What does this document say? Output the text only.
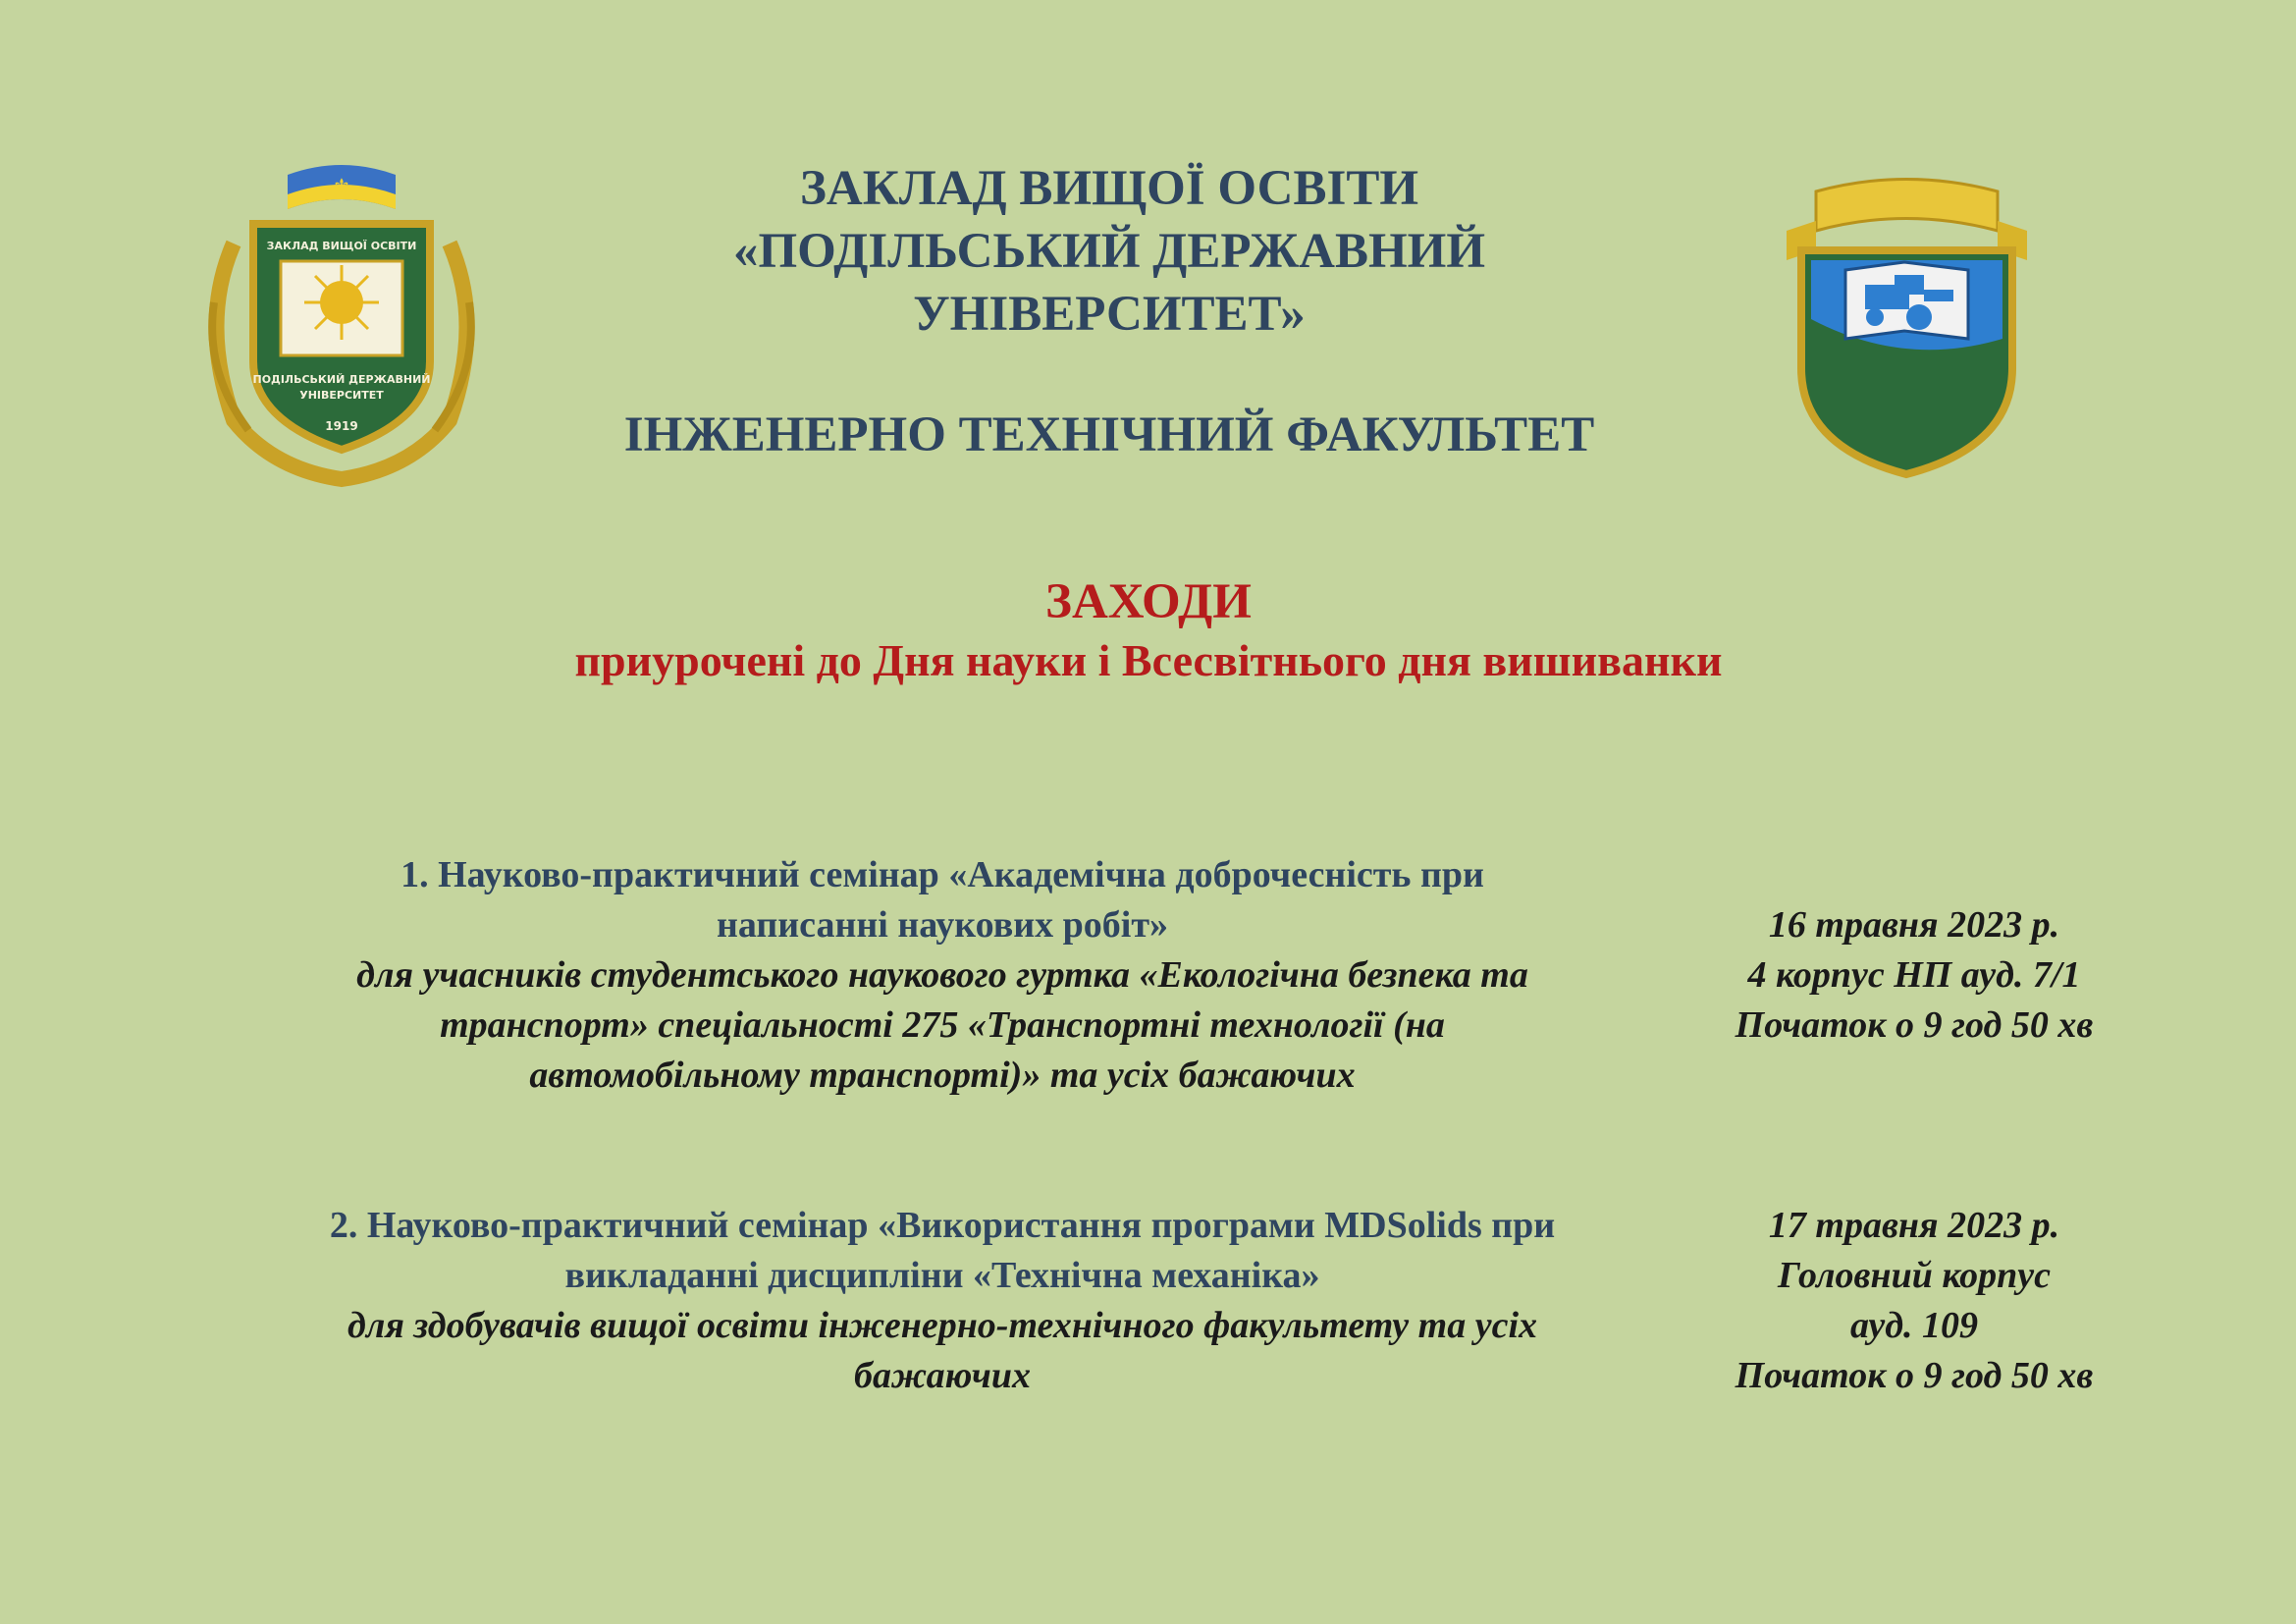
⚜
ЗАКЛАД ВИЩОЇ ОСВІТИ
ПОДІЛЬСЬКИЙ ДЕРЖАВНИЙ
УНІВЕРСИТЕТ
1919
ЗАКЛАД ВИЩОЇ ОСВІТИ
«ПОДІЛЬСЬКИЙ ДЕРЖАВНИЙ
УНІВЕРСИТЕТ»
ІНЖЕНЕРНО ТЕХНІЧНИЙ ФАКУЛЬТЕТ
ЗАХОДИ
приурочені до Дня науки і Всесвітнього дня вишиванки
1. Науково-практичний семінар «Академічна доброчесність при
написанні наукових робіт»
для учасників студентського наукового гуртка «Екологічна безпека та
транспорт» спеціальності 275 «Транспортні технології (на
автомобільному транспорті)» та усіх бажаючих
16 травня 2023 р.
4 корпус НП ауд. 7/1
Початок о 9 год 50 хв
2. Науково-практичний семінар «Використання програми MDSolids при
викладанні дисципліни «Технічна механіка»
для здобувачів вищої освіти інженерно-технічного факультету та усіх
бажаючих
17 травня 2023 р.
Головний корпус
ауд. 109
Початок о 9 год 50 хв
